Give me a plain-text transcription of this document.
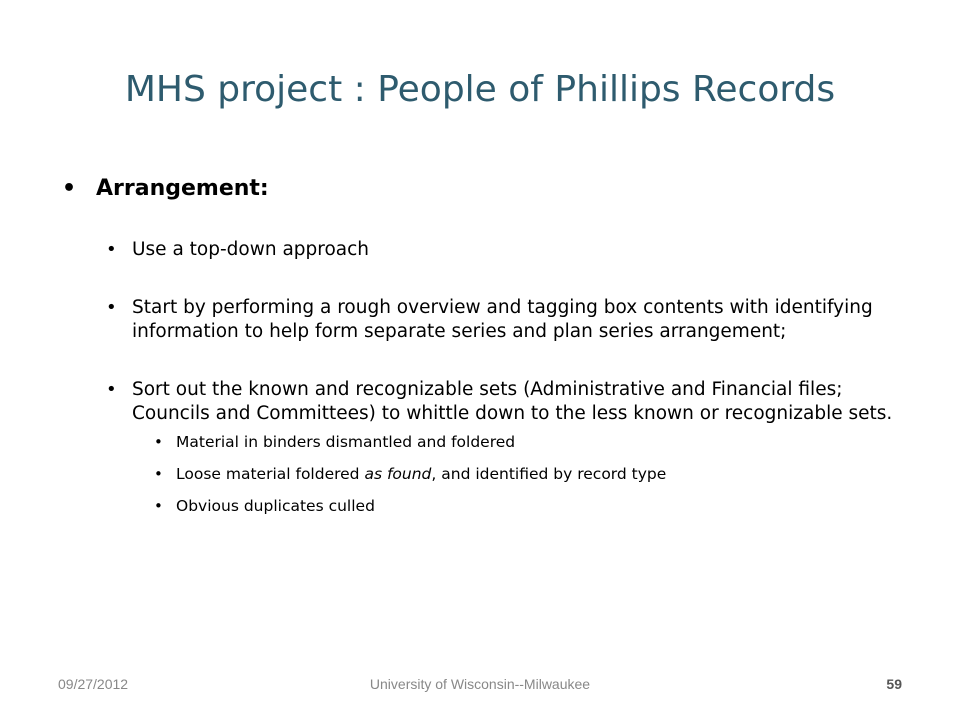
MHS project : People of Phillips Records

• Arrangement:

• Use a top-down approach

• Start by performing a rough overview and tagging box contents with identifying information to help form separate series and plan series arrangement;

• Sort out the known and recognizable sets (Administrative and Financial files; Councils and Committees) to whittle down to the less known or recognizable sets.

• Material in binders dismantled and foldered

• Loose material foldered as found, and identified by record type

• Obvious duplicates culled

09/27/2012	University of Wisconsin--Milwaukee	59
